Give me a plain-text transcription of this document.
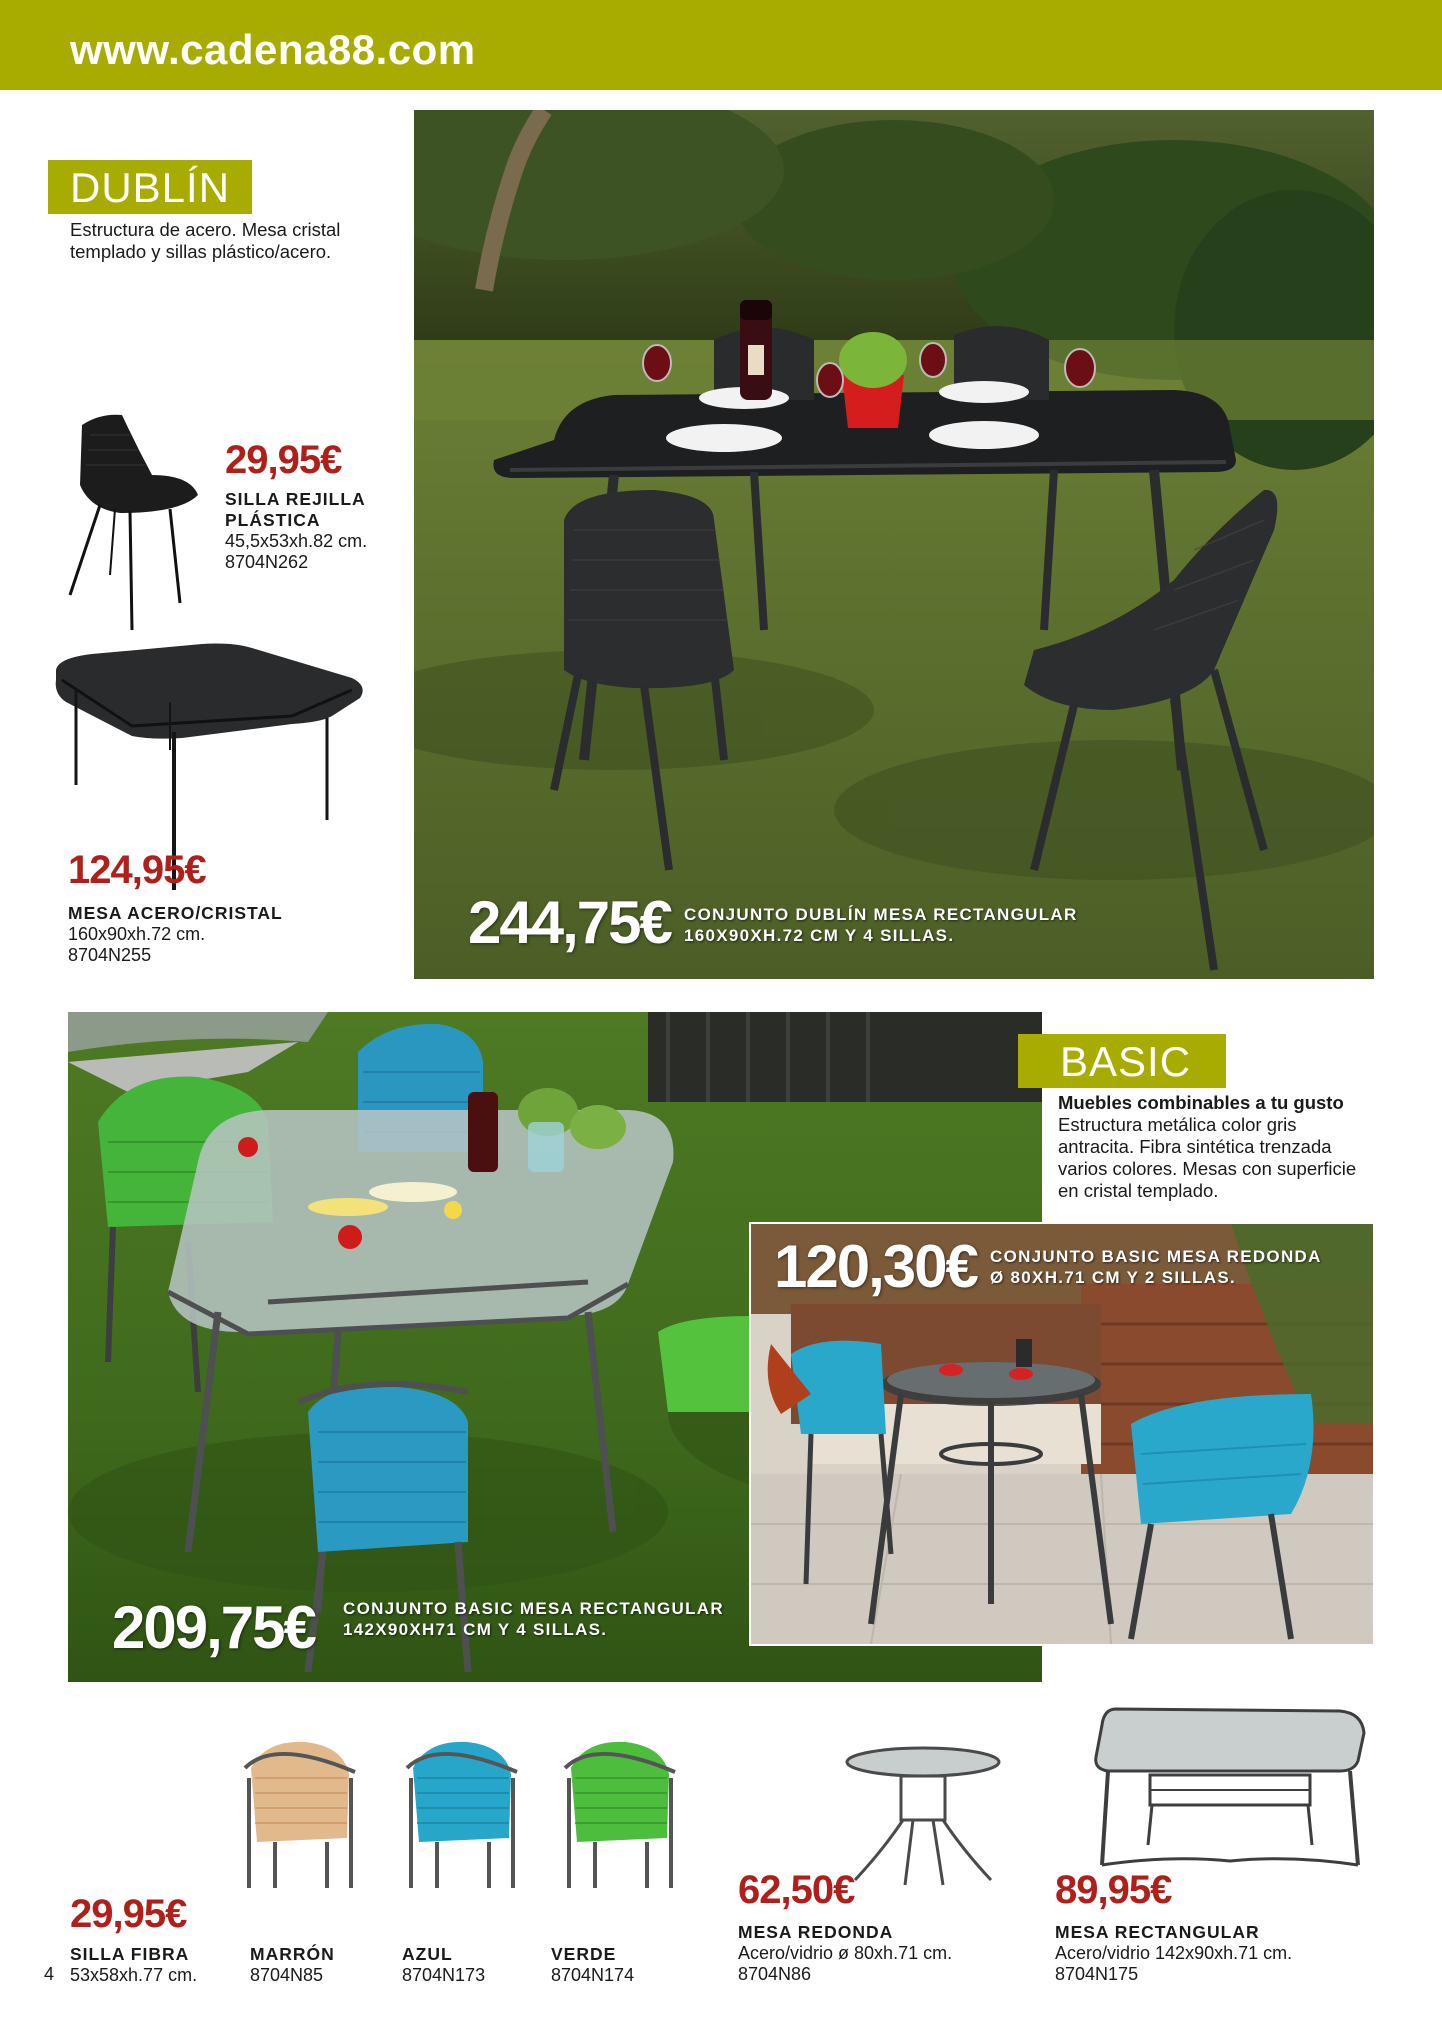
www.cadena88.com
DUBLÍN
Estructura de acero. Mesa cristal
templado y sillas plástico/acero.
29,95€
SILLA REJILLA
PLÁSTICA
45,5x53xh.82 cm.
8704N262
124,95€
MESA ACERO/CRISTAL
160x90xh.72 cm.
8704N255	244,75€ CONJUNTO DUBLÍN MESA RECTANGULAR
160X90XH.72 CM Y 4 SILLAS.
209,75€ CONJUNTO BASIC MESA RECTANGULAR
142X90XH71 CM Y 4 SILLAS.
BASIC
Muebles combinables a tu gusto
Estructura metálica color gris
antracita. Fibra sintética trenzada
varios colores. Mesas con superficie
en cristal templado.
120,30€ CONJUNTO BASIC MESA REDONDA
Ø 80XH.71 CM Y 2 SILLAS.
4
29,95€
SILLA FIBRA
53x58xh.77 cm.
MARRÓN
8704N85
AZUL
8704N173
VERDE
8704N174
62,50€
MESA REDONDA
Acero/vidrio ø 80xh.71 cm.
8704N86
89,95€
MESA RECTANGULAR
Acero/vidrio 142x90xh.71 cm.
8704N175
